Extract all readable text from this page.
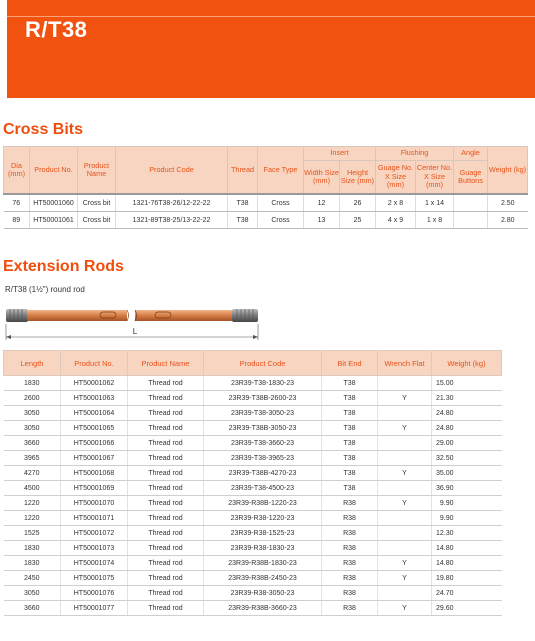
R/T38
Cross Bits
Dia (mm)	Product No.	Product Name	Product Code	Thread	Face Type	Insert		Flushing		Angle	Weight (kg)
						Width Size (mm)	Height Size (mm)	Guage No. X Size (mm)	Center No. X Size (mm)	Guage Buttons	
76	HT50001060	Cross bit	1321-76T38-26/12-22-22	T38	Cross	12	26	2 x 8	1 x 14		2.50
89	HT50001061	Cross bit	1321-89T38-25/13-22-22	T38	Cross	13	25	4 x 9	1 x 8		2.80
Extension Rods
R/T38 (1½") round rod
L
Length	Product No.	Product Name	Product Code	Bit End	Wrench Flat	Weight (kg)
1830	HT50001062	Thread rod	23R39-T38-1830-23	T38		15.00
2600	HT50001063	Thread rod	23R39-T38B-2600-23	T38	Y	21.30
3050	HT50001064	Thread rod	23R39-T38-3050-23	T38		24.80
3050	HT50001065	Thread rod	23R39-T38B-3050-23	T38	Y	24.80
3660	HT50001066	Thread rod	23R39-T38-3660-23	T38		29.00
3965	HT50001067	Thread rod	23R39-T38-3965-23	T38		32.50
4270	HT50001068	Thread rod	23R39-T38B-4270-23	T38	Y	35.00
4500	HT50001069	Thread rod	23R39-T38-4500-23	T38		36.90
1220	HT50001070	Thread rod	23R39-R38B-1220-23	R38	Y	9.90
1220	HT50001071	Thread rod	23R39-R38-1220-23	R38		9.90
1525	HT50001072	Thread rod	23R39-R38-1525-23	R38		12.30
1830	HT50001073	Thread rod	23R39-R38-1830-23	R38		14.80
1830	HT50001074	Thread rod	23R39-R38B-1830-23	R38	Y	14.80
2450	HT50001075	Thread rod	23R39-R38B-2450-23	R38	Y	19.80
3050	HT50001076	Thread rod	23R39-R38-3050-23	R38		24.70
3660	HT50001077	Thread rod	23R39-R38B-3660-23	R38	Y	29.60
